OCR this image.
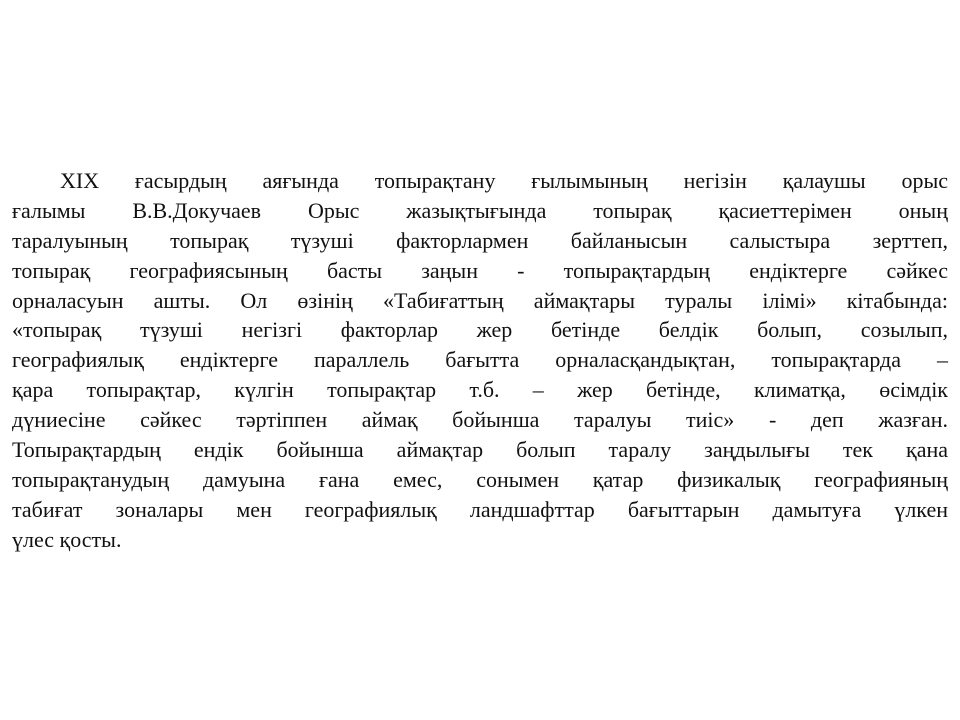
XIX ғасырдың аяғында топырақтану ғылымының негізін қалаушы орыс
ғалымы В.В.Докучаев Орыс жазықтығында топырақ қасиеттерімен оның
таралуының топырақ түзуші факторлармен байланысын салыстыра зерттеп,
топырақ географиясының басты заңын - топырақтардың ендіктерге сәйкес
орналасуын ашты. Ол өзінің «Табиғаттың аймақтары туралы ілімі» кітабында:
«топырақ түзуші негізгі факторлар жер бетінде белдік болып, созылып,
географиялық ендіктерге параллель бағытта орналасқандықтан, топырақтарда –
қара топырақтар, күлгін топырақтар т.б. – жер бетінде, климатқа, өсімдік
дүниесіне сәйкес тәртіппен аймақ бойынша таралуы тиіс» - деп жазған.
Топырақтардың ендік бойынша аймақтар болып таралу заңдылығы тек қана
топырақтанудың дамуына ғана емес, сонымен қатар физикалық географияның
табиғат зоналары мен географиялық ландшафттар бағыттарын дамытуға үлкен
үлес қосты.
